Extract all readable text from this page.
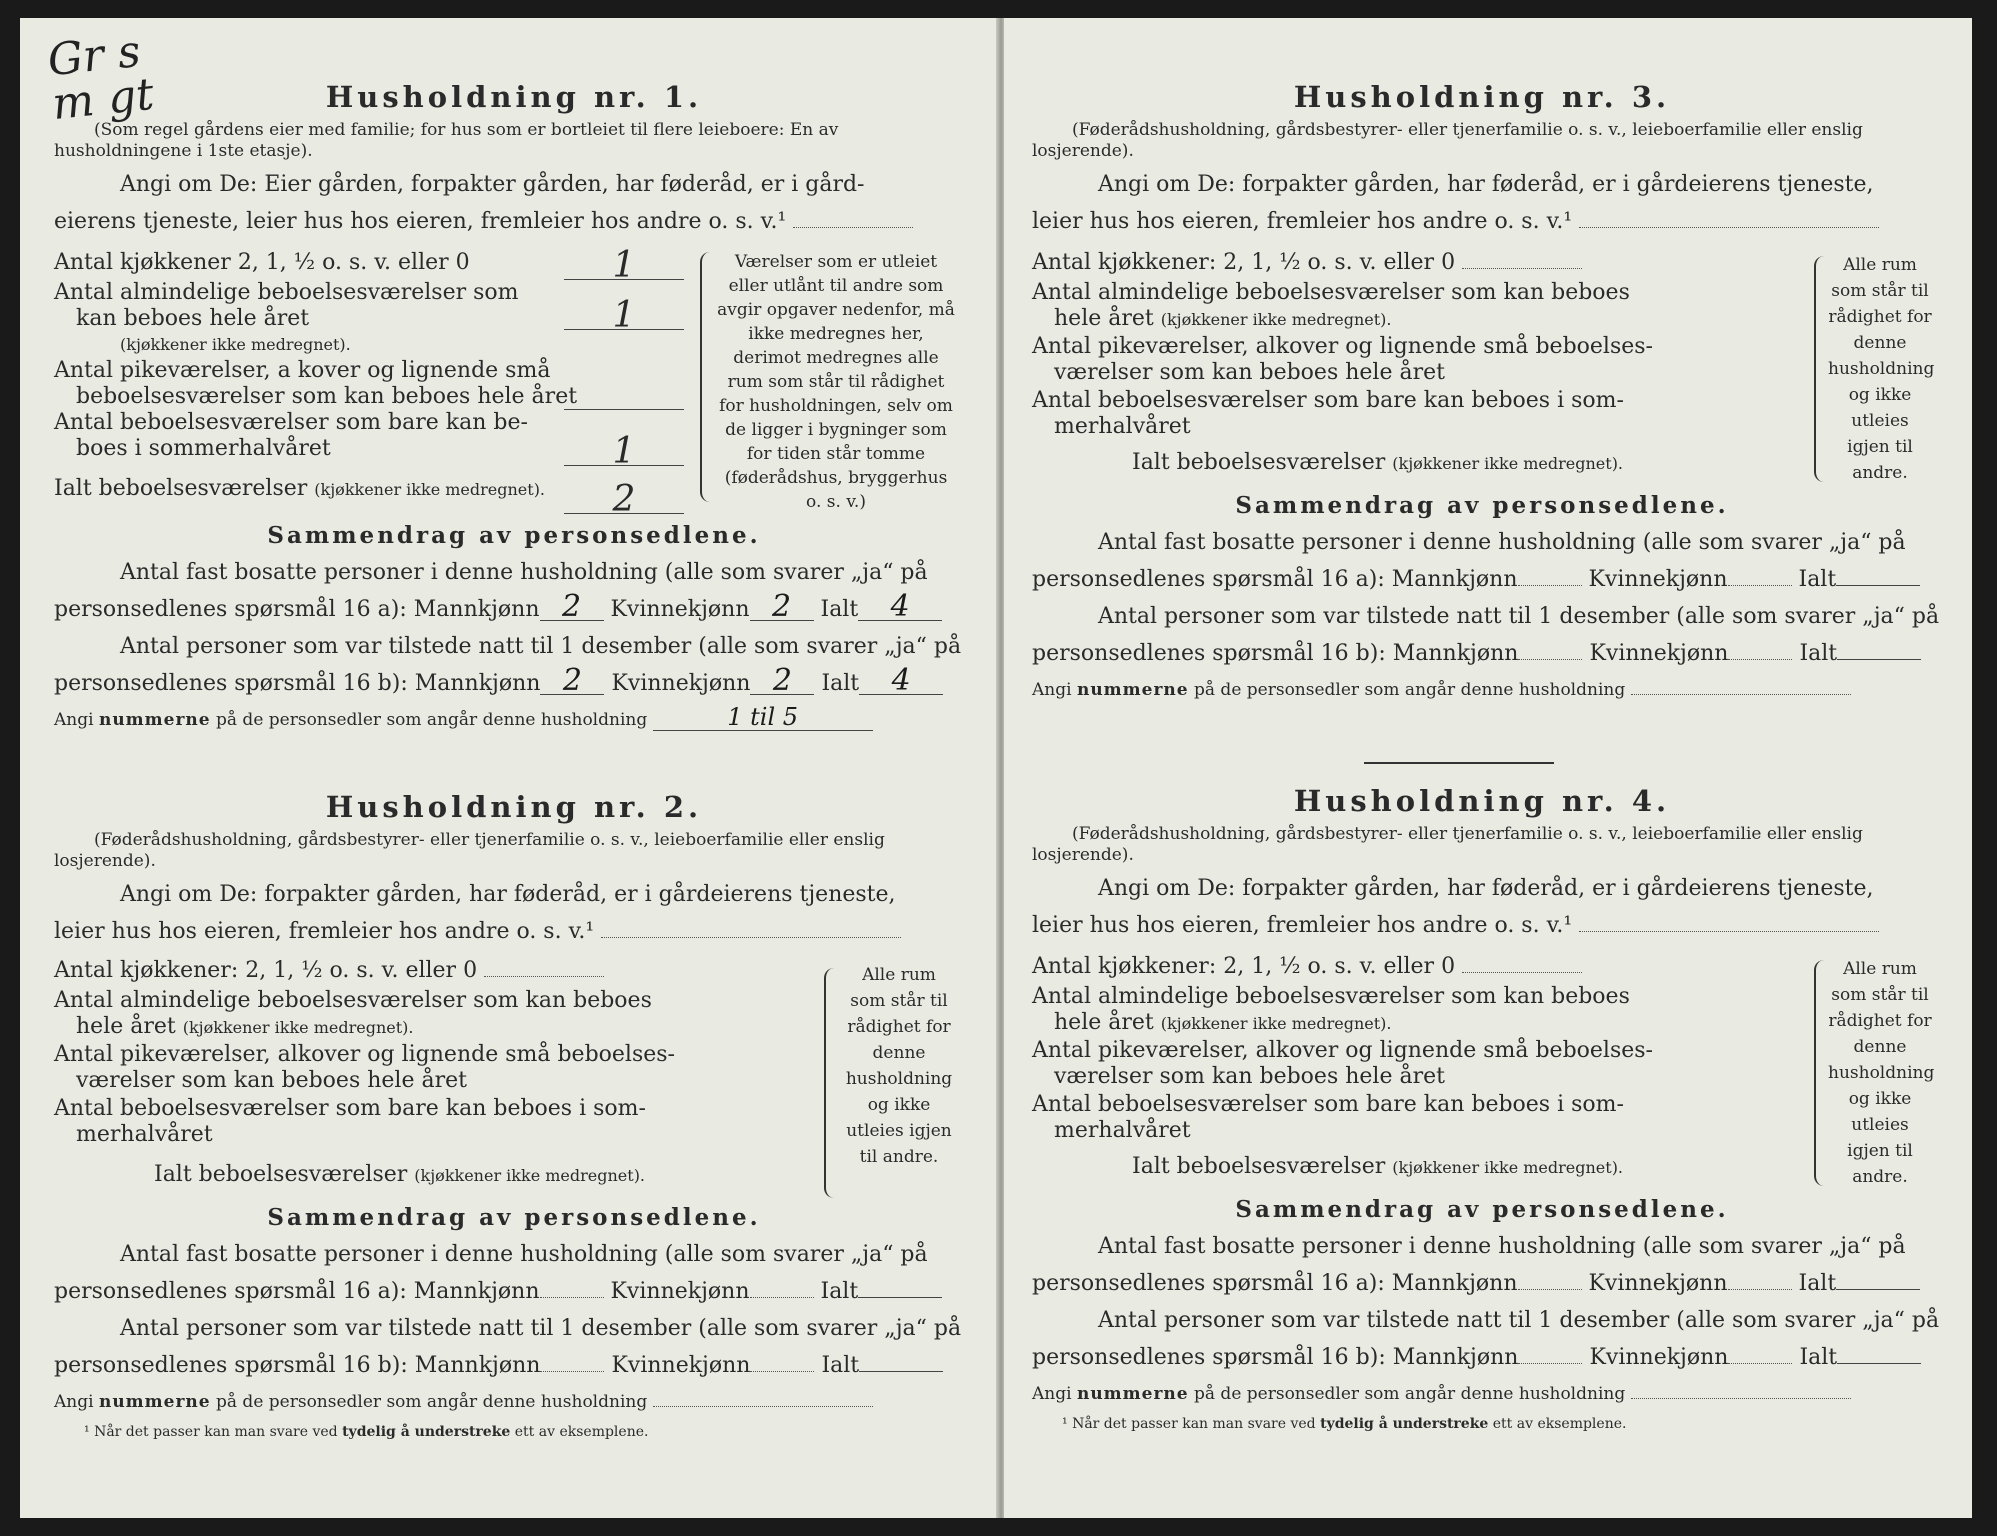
Gr s
m gt	Husholdning nr. 1.
(Som regel gårdens eier med familie; for hus som er bortleiet til flere leieboere: En av husholdningene i 1ste etasje).
Angi om De: Eier gården, forpakter gården, har føderåd, er i gård-
eierens tjeneste, leier hus hos eieren, fremleier hos andre o. s. v.¹
Antal kjøkkener 2, 1, ½ o. s. v. eller 0	1
Antal almindelige beboelsesværelser som
kan beboes hele året
(kjøkkener ikke medregnet).
1
Antal pikeværelser, a kover og lignende små
beboelsesværelser som kan beboes hele året
Antal beboelsesværelser som bare kan be-
boes i sommerhalvåret	1
Ialt beboelsesværelser (kjøkkener ikke medregnet).	2
Værelser som er utleiet eller utlånt til andre som avgir opgaver nedenfor, må ikke medregnes her, derimot medregnes alle rum som står til rådighet for husholdningen, selv om de ligger i bygninger som for tiden står tomme (føderådshus, bryggerhus o. s. v.)
Sammendrag av personsedlene.
Antal fast bosatte personer i denne husholdning (alle som svarer „ja“ på
personsedlenes spørsmål 16 a): Mannkjønn 2 Kvinnekjønn 2 Ialt 4
Antal personer som var tilstede natt til 1 desember (alle som svarer „ja“ på
personsedlenes spørsmål 16 b): Mannkjønn 2 Kvinnekjønn 2 Ialt 4
Angi nummerne på de personsedler som angår denne husholdning	1 til 5
Husholdning nr. 2.
(Føderådshusholdning, gårdsbestyrer- eller tjenerfamilie o. s. v., leieboerfamilie eller enslig losjerende).
Angi om De: forpakter gården, har føderåd, er i gårdeierens tjeneste,
leier hus hos eieren, fremleier hos andre o. s. v.¹
Antal kjøkkener: 2, 1, ½ o. s. v. eller 0
Antal almindelige beboelsesværelser som kan beboes
hele året (kjøkkener ikke medregnet).
Antal pikeværelser, alkover og lignende små beboelses-
værelser som kan beboes hele året
Antal beboelsesværelser som bare kan beboes i som-
merhalvåret
Ialt beboelsesværelser (kjøkkener ikke medregnet).
Alle rum som står til rådighet for denne husholdning og ikke utleies igjen til andre.
Sammendrag av personsedlene.
Antal fast bosatte personer i denne husholdning (alle som svarer „ja“ på
personsedlenes spørsmål 16 a): Mannkjønn	Kvinnekjønn	Ialt
Antal personer som var tilstede natt til 1 desember (alle som svarer „ja“ på
personsedlenes spørsmål 16 b): Mannkjønn	Kvinnekjønn	Ialt
Angi nummerne på de personsedler som angår denne husholdning
¹ Når det passer kan man svare ved tydelig å understreke ett av eksemplene.
Husholdning nr. 3.
(Føderådshusholdning, gårdsbestyrer- eller tjenerfamilie o. s. v., leieboerfamilie eller enslig losjerende).
Angi om De: forpakter gården, har føderåd, er i gårdeierens tjeneste,
leier hus hos eieren, fremleier hos andre o. s. v.¹
Antal kjøkkener: 2, 1, ½ o. s. v. eller 0
Antal almindelige beboelsesværelser som kan beboes
hele året (kjøkkener ikke medregnet).
Antal pikeværelser, alkover og lignende små beboelses-
værelser som kan beboes hele året
Antal beboelsesværelser som bare kan beboes i som-
merhalvåret
Ialt beboelsesværelser (kjøkkener ikke medregnet).
Alle rum som står til rådighet for denne husholdning og ikke utleies igjen til andre.
Sammendrag av personsedlene.
Antal fast bosatte personer i denne husholdning (alle som svarer „ja“ på
personsedlenes spørsmål 16 a): Mannkjønn	Kvinnekjønn	Ialt
Antal personer som var tilstede natt til 1 desember (alle som svarer „ja“ på
personsedlenes spørsmål 16 b): Mannkjønn	Kvinnekjønn	Ialt
Angi nummerne på de personsedler som angår denne husholdning
Husholdning nr. 4.
(Føderådshusholdning, gårdsbestyrer- eller tjenerfamilie o. s. v., leieboerfamilie eller enslig losjerende).
Angi om De: forpakter gården, har føderåd, er i gårdeierens tjeneste,
leier hus hos eieren, fremleier hos andre o. s. v.¹
Antal kjøkkener: 2, 1, ½ o. s. v. eller 0
Antal almindelige beboelsesværelser som kan beboes
hele året (kjøkkener ikke medregnet).
Antal pikeværelser, alkover og lignende små beboelses-
værelser som kan beboes hele året
Antal beboelsesværelser som bare kan beboes i som-
merhalvåret
Ialt beboelsesværelser (kjøkkener ikke medregnet).
Alle rum som står til rådighet for denne husholdning og ikke utleies igjen til andre.
Sammendrag av personsedlene.
Antal fast bosatte personer i denne husholdning (alle som svarer „ja“ på
personsedlenes spørsmål 16 a): Mannkjønn	Kvinnekjønn	Ialt
Antal personer som var tilstede natt til 1 desember (alle som svarer „ja“ på
personsedlenes spørsmål 16 b): Mannkjønn	Kvinnekjønn	Ialt
Angi nummerne på de personsedler som angår denne husholdning
¹ Når det passer kan man svare ved tydelig å understreke ett av eksemplene.
